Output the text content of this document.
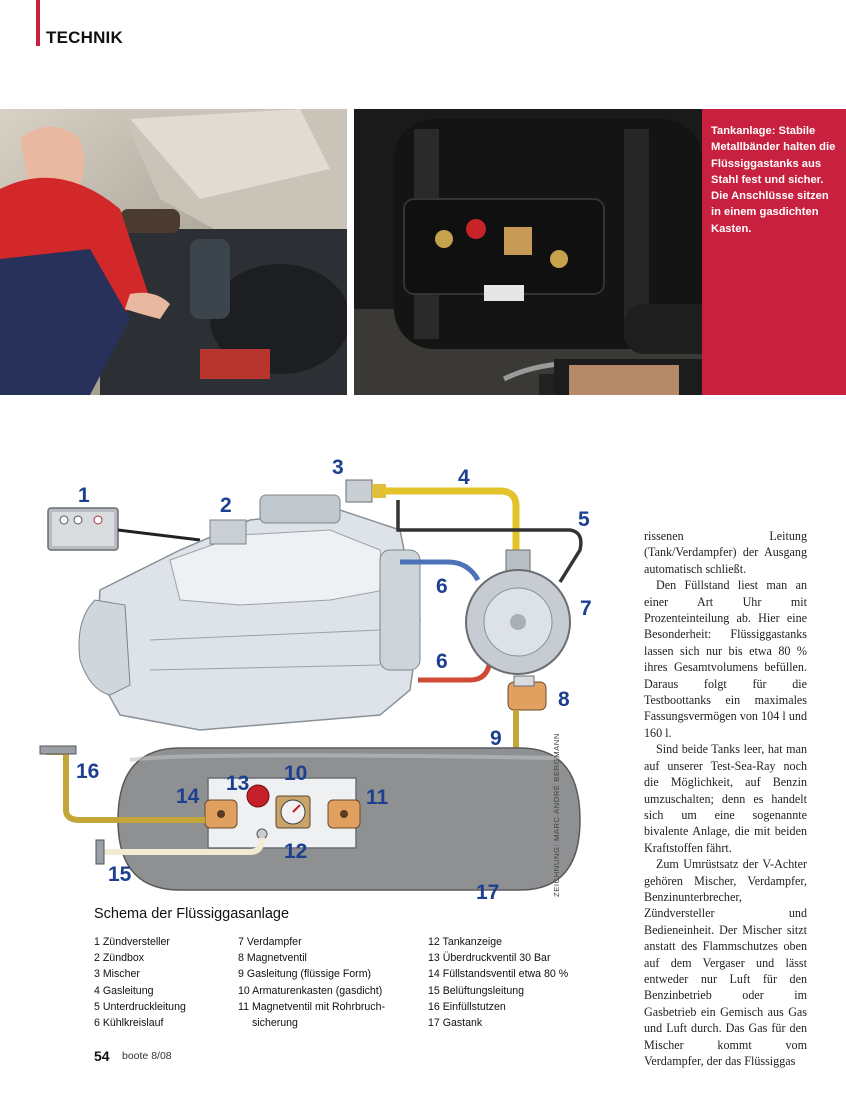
TECHNIK
Tankanlage: Stabile Metallbänder halten die Flüssiggastanks aus Stahl fest und sicher. Die Anschlüsse sitzen in einem gasdichten Kasten.
1	2
3	4
5
6
6
7
8
9
10
11
12
13
14
15
16
17	ZEICHNUNG: MARC ANDRÉ BERGMANN
Schema der Flüssiggasanlage
1 Zündversteller
2 Zündbox
3 Mischer
4 Gasleitung
5 Unterdruckleitung
6 Kühlkreislauf
7 Verdampfer
8 Magnetventil
9 Gasleitung (flüssige Form)
10 Armaturenkasten (gasdicht)
11 Magnetventil mit Rohrbruch-
sicherung
12 Tankanzeige
13 Überdruckventil 30 Bar
14 Füllstandsventil etwa 80 %
15 Belüftungsleitung
16 Einfüllstutzen
17 Gastank

rissenen Leitung (Tank/Verdampfer) der Ausgang automatisch schließt.

Den Füllstand liest man an einer Art Uhr mit Prozenteinteilung ab. Hier eine Besonderheit: Flüssiggastanks lassen sich nur bis etwa 80 % ihres Gesamtvolumens befüllen. Daraus folgt für die Testboottanks ein maximales Fassungsvermögen von 104 l und 160 l.

Sind beide Tanks leer, hat man auf unserer Test-Sea-Ray noch die Möglichkeit, auf Benzin umzuschalten; denn es handelt sich um eine sogenannte bivalente Anlage, die mit beiden Kraftstoffen fährt.

Zum Umrüstsatz der V-Achter gehören Mischer, Verdampfer, Benzinunterbrecher, Zündversteller und Bedieneinheit. Der Mischer sitzt anstatt des Flammschutzes oben auf dem Vergaser und lässt entweder nur Luft für den Benzinbetrieb oder im Gasbetrieb ein Gemisch aus Gas und Luft durch. Das Gas für den Mischer kommt vom Verdampfer, der das Flüssiggas

54 boote 8/08
